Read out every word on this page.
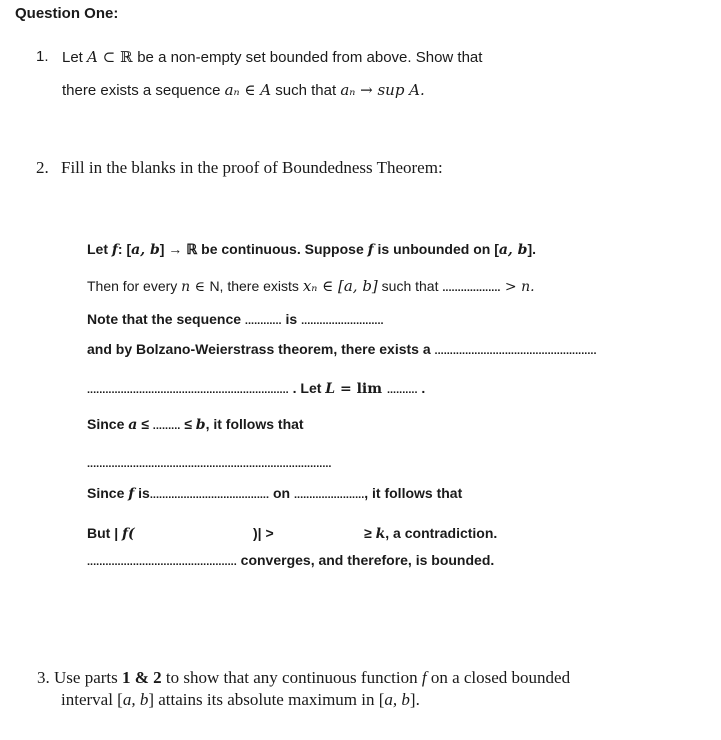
Question One:
1. Let A ⊂ ℝ be a non-empty set bounded from above. Show that
there exists a sequence aₙ ∈ A such that aₙ → sup A.
2. Fill in the blanks in the proof of Boundedness Theorem:
Let f: [a, b] → ℝ be continuous. Suppose f is unbounded on [a, b].
Then for every n ∈ N, there exists xₙ ∈ [a, b] such that ................... > n.
Note that the sequence ............ is ...........................
and by Bolzano-Weierstrass theorem, there exists a .....................................................
.................................................................. . Let L = lim .......... .
Since a ≤ ......... ≤ b, it follows that
................................................................................
Since f is....................................... on ......................., it follows that
But | f(	)| >	≥ k, a contradiction.
................................................. converges, and therefore, is bounded.
3. Use parts 1 & 2 to show that any continuous function f on a closed bounded
interval [a, b] attains its absolute maximum in [a, b].
